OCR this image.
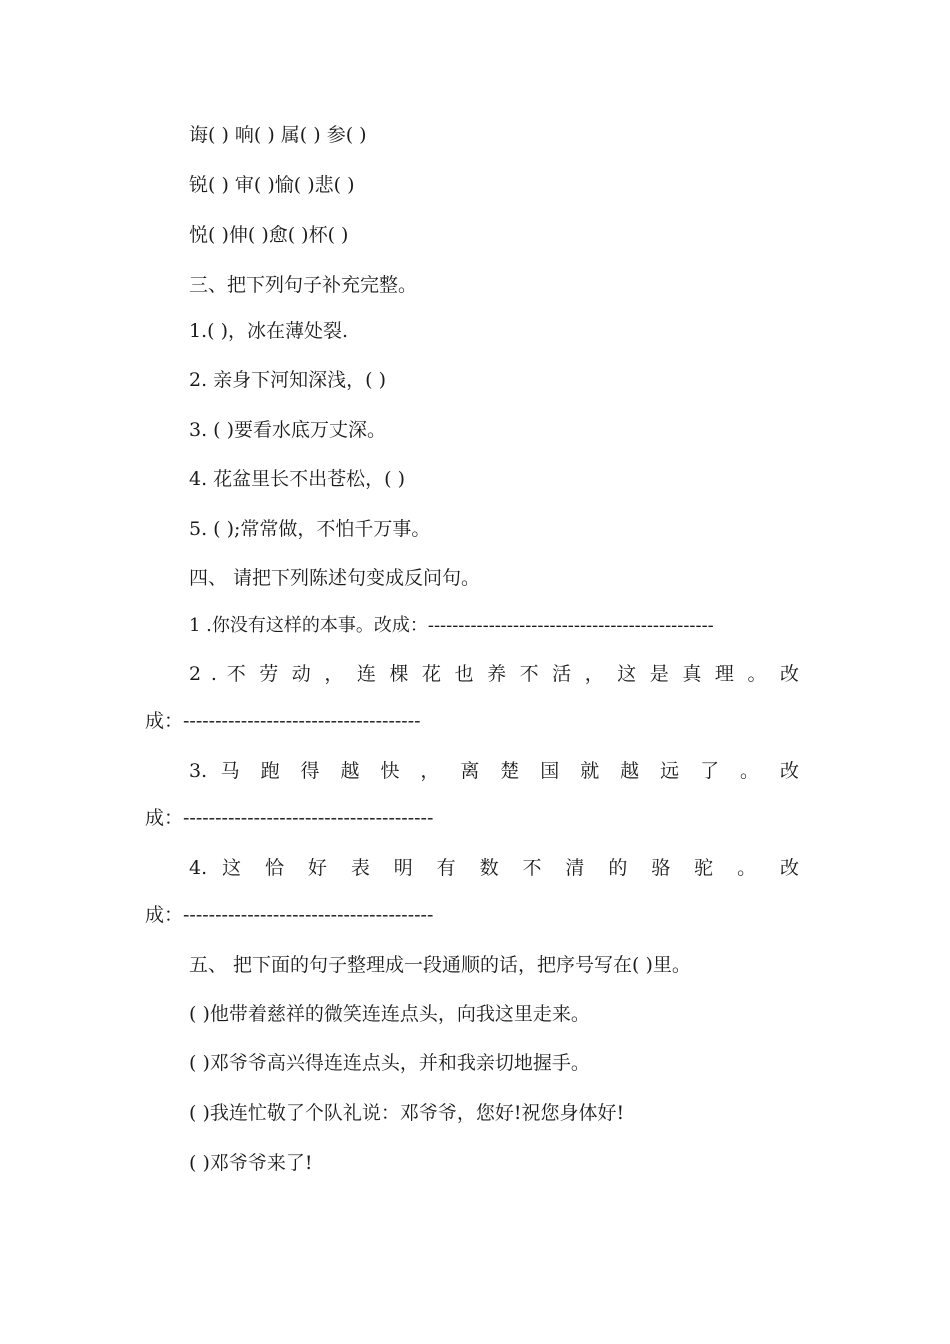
诲( ) 响( ) 属( ) 参( )
锐( ) 审( )愉( )悲( )
悦( )伸( )愈( )杯( )
三、把下列句子补充完整。
1.( )，冰在薄处裂.
2. 亲身下河知深浅，( )
3. ( )要看水底万丈深。
4. 花盆里长不出苍松，( )
5. ( );常常做，不怕千万事。
四、 请把下列陈述句变成反问句。
1 .你没有这样的本事。改成：-----------------------------------------------
2 . 不 劳 动 ， 连 棵 花 也 养 不 活 ， 这 是 真 理 。 改
成：-------------------------------------
3. 马 跑 得 越 快 ， 离 楚 国 就 越 远 了 。 改
成：---------------------------------------
4. 这 恰 好 表 明 有 数 不 清 的 骆 驼 。 改
成：---------------------------------------
五、 把下面的句子整理成一段通顺的话，把序号写在( )里。
( )他带着慈祥的微笑连连点头，向我这里走来。
( )邓爷爷高兴得连连点头，并和我亲切地握手。
( )我连忙敬了个队礼说：邓爷爷，您好!祝您身体好!
( )邓爷爷来了!
